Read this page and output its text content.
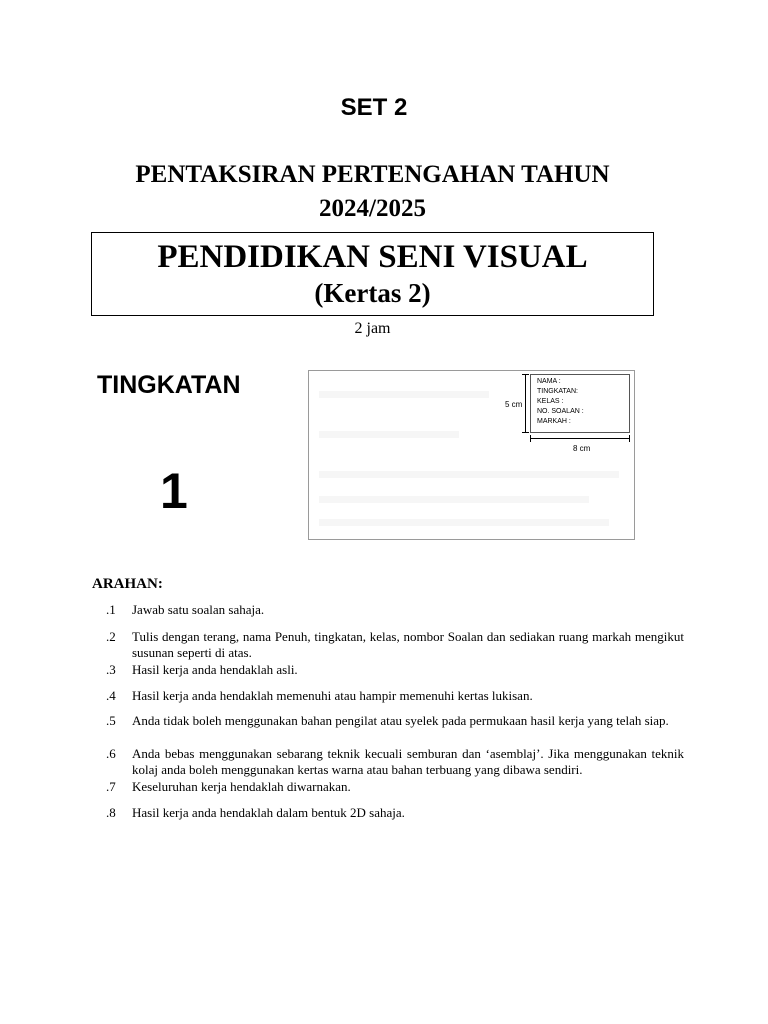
SET 2
PENTAKSIRAN PERTENGAHAN TAHUN
2024/2025
PENDIDIKAN SENI VISUAL
(Kertas 2)
2 jam
TINGKATAN
1
5 cm
NAMA :
TINGKATAN:
KELAS :
NO. SOALAN :
MARKAH :
8 cm
ARAHAN:
.1	Jawab satu soalan sahaja.
.2	Tulis dengan terang, nama Penuh, tingkatan, kelas, nombor Soalan dan sediakan ruang markah mengikut susunan seperti di atas.
.3	Hasil kerja anda hendaklah asli.
.4	Hasil kerja anda hendaklah memenuhi atau hampir memenuhi kertas lukisan.
.5	Anda tidak boleh menggunakan bahan pengilat atau syelek pada permukaan hasil kerja yang telah siap.
.6	Anda bebas menggunakan sebarang teknik kecuali semburan dan ‘asemblaj’. Jika menggunakan teknik kolaj anda boleh menggunakan kertas warna atau bahan terbuang yang dibawa sendiri.
.7	Keseluruhan kerja hendaklah diwarnakan.
.8	Hasil kerja anda hendaklah dalam bentuk 2D sahaja.
